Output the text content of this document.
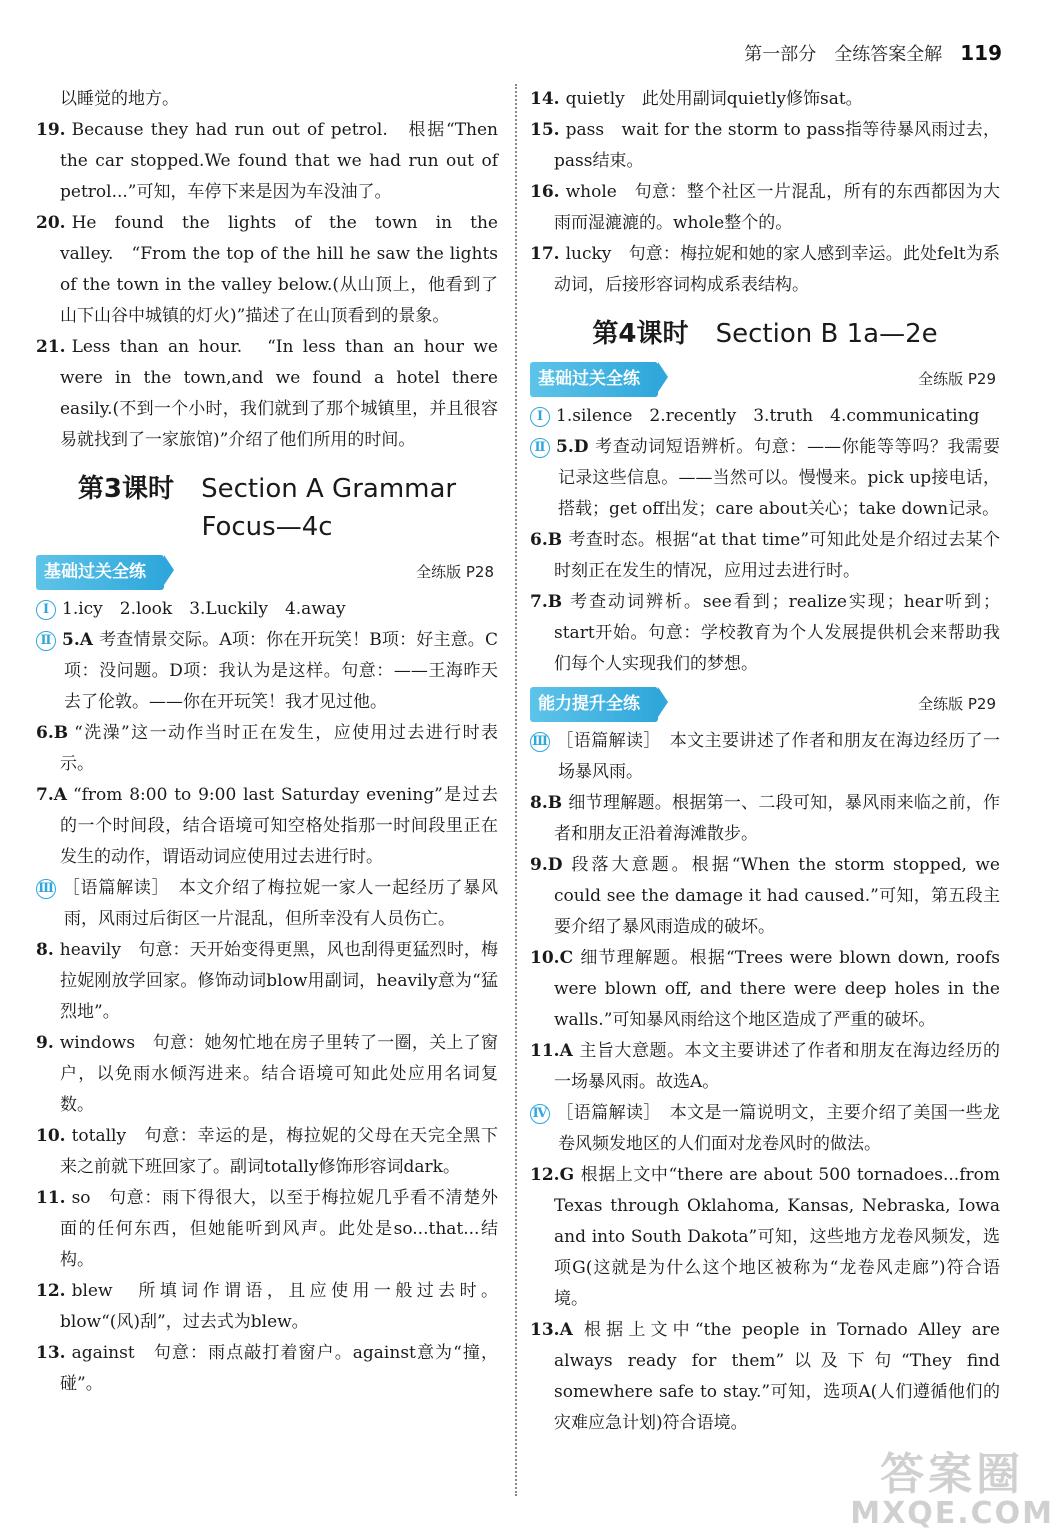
第一部分　全练答案全解 119
以睡觉的地方。
19. Because they had run out of petrol.　根据“Then the car stopped.We found that we had run out of petrol...”可知，车停下来是因为车没油了。
20. He found the lights of the town in the valley.　“From the top of the hill he saw the lights of the town in the valley below.(从山顶上，他看到了山下山谷中城镇的灯火)”描述了在山顶看到的景象。
21. Less than an hour.　“In less than an hour we were in the town,and we found a hotel there easily.(不到一个小时，我们就到了那个城镇里，并且很容易就找到了一家旅馆)”介绍了他们所用的时间。
第3课时 Section A Grammar
Focus—4c
基础过关全练	全练版 P28
Ⅰ 1.icy　2.look　3.Luckily　4.away
Ⅱ 5.A 考查情景交际。A项：你在开玩笑！B项：好主意。C项：没问题。D项：我认为是这样。句意：——王海昨天去了伦敦。——你在开玩笑！我才见过他。
6.B “洗澡”这一动作当时正在发生，应使用过去进行时表示。
7.A “from 8:00 to 9:00 last Saturday evening”是过去的一个时间段，结合语境可知空格处指那一时间段里正在发生的动作，谓语动词应使用过去进行时。
Ⅲ ［语篇解读］　本文介绍了梅拉妮一家人一起经历了暴风雨，风雨过后街区一片混乱，但所幸没有人员伤亡。
8. heavily　句意：天开始变得更黑，风也刮得更猛烈时，梅拉妮刚放学回家。修饰动词blow用副词，heavily意为“猛烈地”。
9. windows　句意：她匆忙地在房子里转了一圈，关上了窗户，以免雨水倾泻进来。结合语境可知此处应用名词复数。
10. totally　句意：幸运的是，梅拉妮的父母在天完全黑下来之前就下班回家了。副词totally修饰形容词dark。
11. so　句意：雨下得很大，以至于梅拉妮几乎看不清楚外面的任何东西，但她能听到风声。此处是so...that...结构。
12. blew　所填词作谓语，且应使用一般过去时。blow“(风)刮”，过去式为blew。
13. against　句意：雨点敲打着窗户。against意为“撞，碰”。
14. quietly　此处用副词quietly修饰sat。
15. pass　wait for the storm to pass指等待暴风雨过去，pass结束。
16. whole　句意：整个社区一片混乱，所有的东西都因为大雨而湿漉漉的。whole整个的。
17. lucky　句意：梅拉妮和她的家人感到幸运。此处felt为系动词，后接形容词构成系表结构。
第4课时 Section B 1a—2e
基础过关全练	全练版 P29
Ⅰ 1.silence　2.recently　3.truth　4.communicating
Ⅱ 5.D 考查动词短语辨析。句意：——你能等等吗？我需要记录这些信息。——当然可以。慢慢来。pick up接电话，搭载；get off出发；care about关心；take down记录。
6.B 考查时态。根据“at that time”可知此处是介绍过去某个时刻正在发生的情况，应用过去进行时。
7.B 考查动词辨析。see看到；realize实现；hear听到；start开始。句意：学校教育为个人发展提供机会来帮助我们每个人实现我们的梦想。
能力提升全练	全练版 P29
Ⅲ ［语篇解读］　本文主要讲述了作者和朋友在海边经历了一场暴风雨。
8.B 细节理解题。根据第一、二段可知，暴风雨来临之前，作者和朋友正沿着海滩散步。
9.D 段落大意题。根据“When the storm stopped, we could see the damage it had caused.”可知，第五段主要介绍了暴风雨造成的破坏。
10.C 细节理解题。根据“Trees were blown down, roofs were blown off, and there were deep holes in the walls.”可知暴风雨给这个地区造成了严重的破坏。
11.A 主旨大意题。本文主要讲述了作者和朋友在海边经历的一场暴风雨。故选A。
Ⅳ ［语篇解读］　本文是一篇说明文，主要介绍了美国一些龙卷风频发地区的人们面对龙卷风时的做法。
12.G 根据上文中“there are about 500 tornadoes...from Texas through Oklahoma, Kansas, Nebraska, Iowa and into South Dakota”可知，这些地方龙卷风频发，选项G(这就是为什么这个地区被称为“龙卷风走廊”)符合语境。
13.A 根据上文中“the people in Tornado Alley are always ready for them”以及下句“They find somewhere safe to stay.”可知，选项A(人们遵循他们的灾难应急计划)符合语境。
答案圈
MXQE.COM
